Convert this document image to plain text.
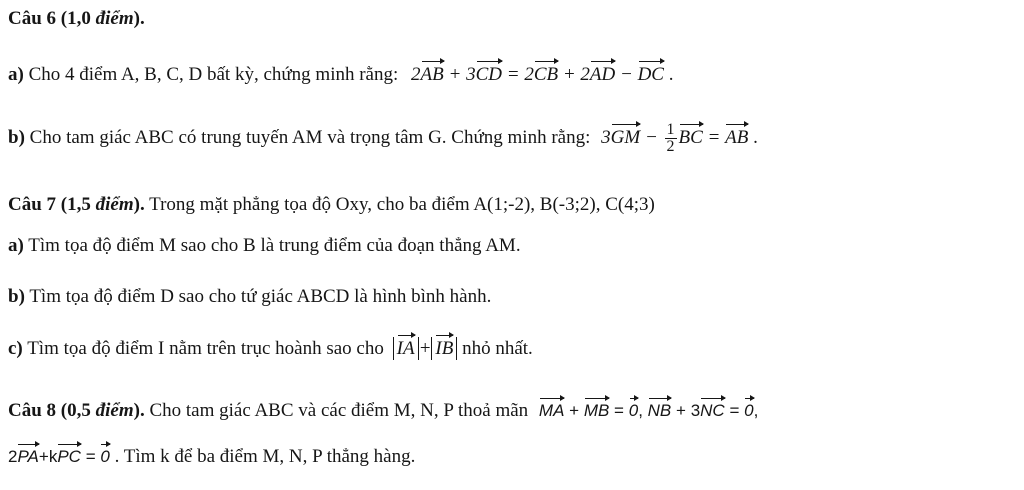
Câu 6 (1,0 điểm).
a) Cho 4 điểm A, B, C, D bất kỳ, chứng minh rằng: 2AB + 3CD = 2CB + 2AD − DC .
b) Cho tam giác ABC có trung tuyến AM và trọng tâm G. Chứng minh rằng: $3GM - \frac{1}{2}$ BC = AB .
Câu 7 (1,5 điểm). Trong mặt phẳng tọa độ Oxy, cho ba điểm A(1;-2), B(-3;2), C(4;3)
a) Tìm tọa độ điểm M sao cho B là trung điểm của đoạn thẳng AM.
b) Tìm tọa độ điểm D sao cho tứ giác ABCD là hình bình hành.
c) Tìm tọa độ điểm I nằm trên trục hoành sao cho IA + IB nhỏ nhất.
Câu 8 (0,5 điểm). Cho tam giác ABC và các điểm M, N, P thoả mãn MA + MB = 0, NB + 3NC = 0,
2PA+kPC = 0 . Tìm k để ba điểm M, N, P thẳng hàng.
